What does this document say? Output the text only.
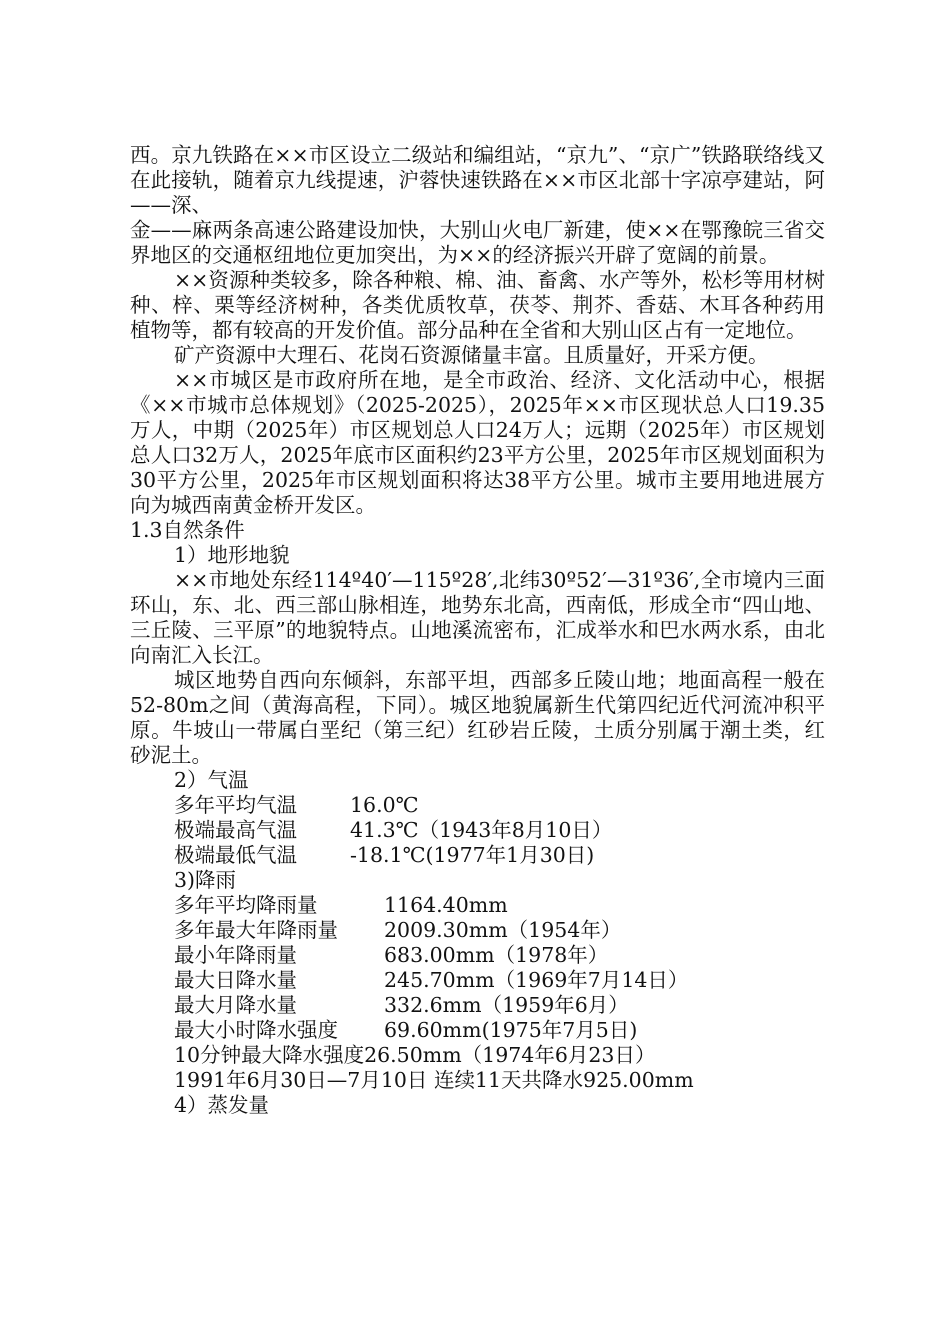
西。京九铁路在××市区设立二级站和编组站，“京九”、“京广”铁路联络线又在此接轨，随着京九线提速，沪蓉快速铁路在××市区北部十字凉亭建站，阿——深、

金——麻两条高速公路建设加快，大别山火电厂新建，使××在鄂豫皖三省交界地区的交通枢纽地位更加突出，为××的经济振兴开辟了宽阔的前景。

××资源种类较多，除各种粮、棉、油、畜禽、水产等外，松杉等用材树种、梓、栗等经济树种，各类优质牧草，茯苓、荆芥、香菇、木耳各种药用植物等，都有较高的开发价值。部分品种在全省和大别山区占有一定地位。

矿产资源中大理石、花岗石资源储量丰富。且质量好，开采方便。

××市城区是市政府所在地，是全市政治、经济、文化活动中心，根据《××市城市总体规划》（2025-2025），2025年××市区现状总人口19.35万人，中期（2025年）市区规划总人口24万人；远期（2025年）市区规划总人口32万人，2025年底市区面积约23平方公里，2025年市区规划面积为30平方公里，2025年市区规划面积将达38平方公里。城市主要用地进展方向为城西南黄金桥开发区。

1.3自然条件

1）地形地貌

××市地处东经114º40′—115º28′,北纬30º52′—31º36′,全市境内三面环山，东、北、西三部山脉相连，地势东北高，西南低，形成全市“四山地、三丘陵、三平原”的地貌特点。山地溪流密布，汇成举水和巴水两水系，由北向南汇入长江。

城区地势自西向东倾斜，东部平坦，西部多丘陵山地；地面高程一般在52-80m之间（黄海高程，下同）。城区地貌属新生代第四纪近代河流冲积平原。牛坡山一带属白垩纪（第三纪）红砂岩丘陵，土质分别属于潮土类，红砂泥土。

2）气温

多年平均气温	16.0℃
极端最高气温	41.3℃（1943年8月10日）
极端最低气温	-18.1℃(1977年1月30日)

3)降雨

多年平均降雨量	1164.40mm
多年最大年降雨量	2009.30mm（1954年）
最小年降雨量	683.00mm（1978年）
最大日降水量	245.70mm（1969年7月14日）
最大月降水量	332.6mm（1959年6月）
最大小时降水强度	69.60mm(1975年7月5日)

10分钟最大降水强度26.50mm（1974年6月23日）

1991年6月30日—7月10日 连续11天共降水925.00mm

4）蒸发量
